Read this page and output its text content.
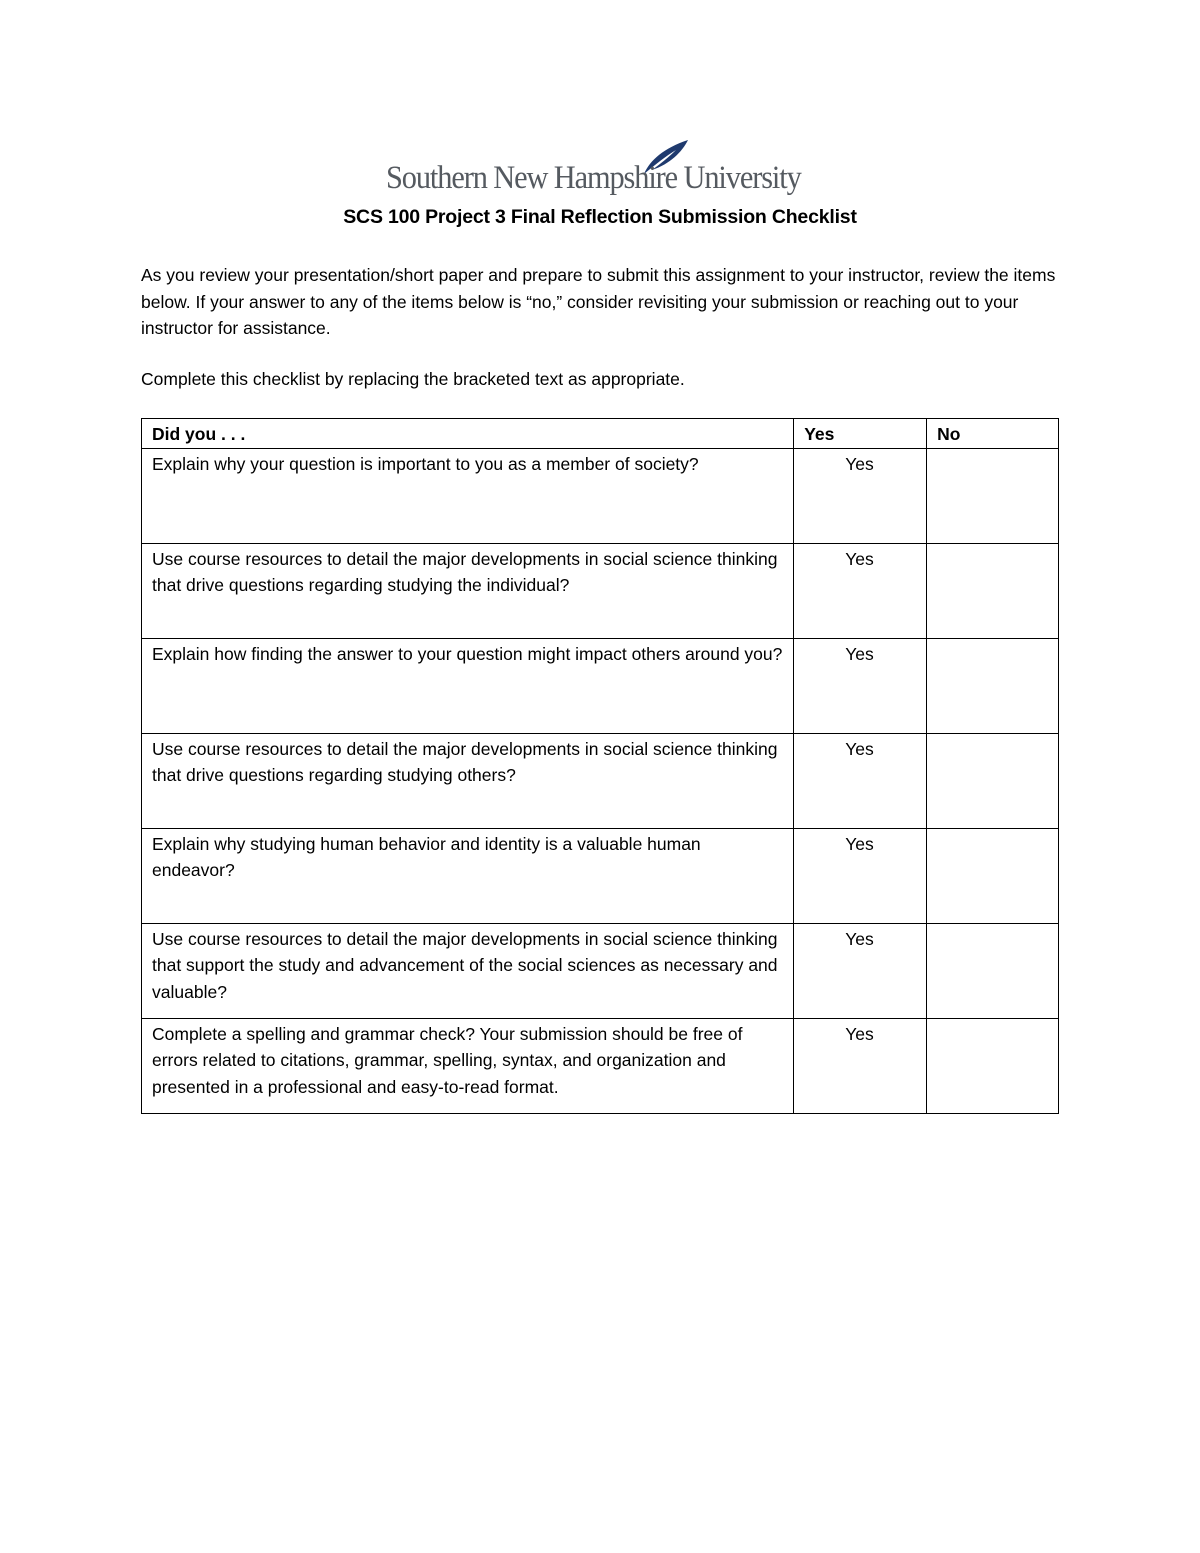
Southern New Hampshire University
SCS 100 Project 3 Final Reflection Submission Checklist

As you review your presentation/short paper and prepare to submit this assignment to your instructor, review the items below. If your answer to any of the items below is “no,” consider revisiting your submission or reaching out to your instructor for assistance.

Complete this checklist by replacing the bracketed text as appropriate.

Did you . . .	Yes	No
Explain why your question is important to you as a member of society?	Yes	
Use course resources to detail the major developments in social science thinking that drive questions regarding studying the individual?	Yes	
Explain how finding the answer to your question might impact others around you?	Yes	
Use course resources to detail the major developments in social science thinking that drive questions regarding studying others?	Yes	
Explain why studying human behavior and identity is a valuable human endeavor?	Yes	
Use course resources to detail the major developments in social science thinking that support the study and advancement of the social sciences as necessary and valuable?	Yes	
Complete a spelling and grammar check? Your submission should be free of errors related to citations, grammar, spelling, syntax, and organization and presented in a professional and easy-to-read format.	Yes	
